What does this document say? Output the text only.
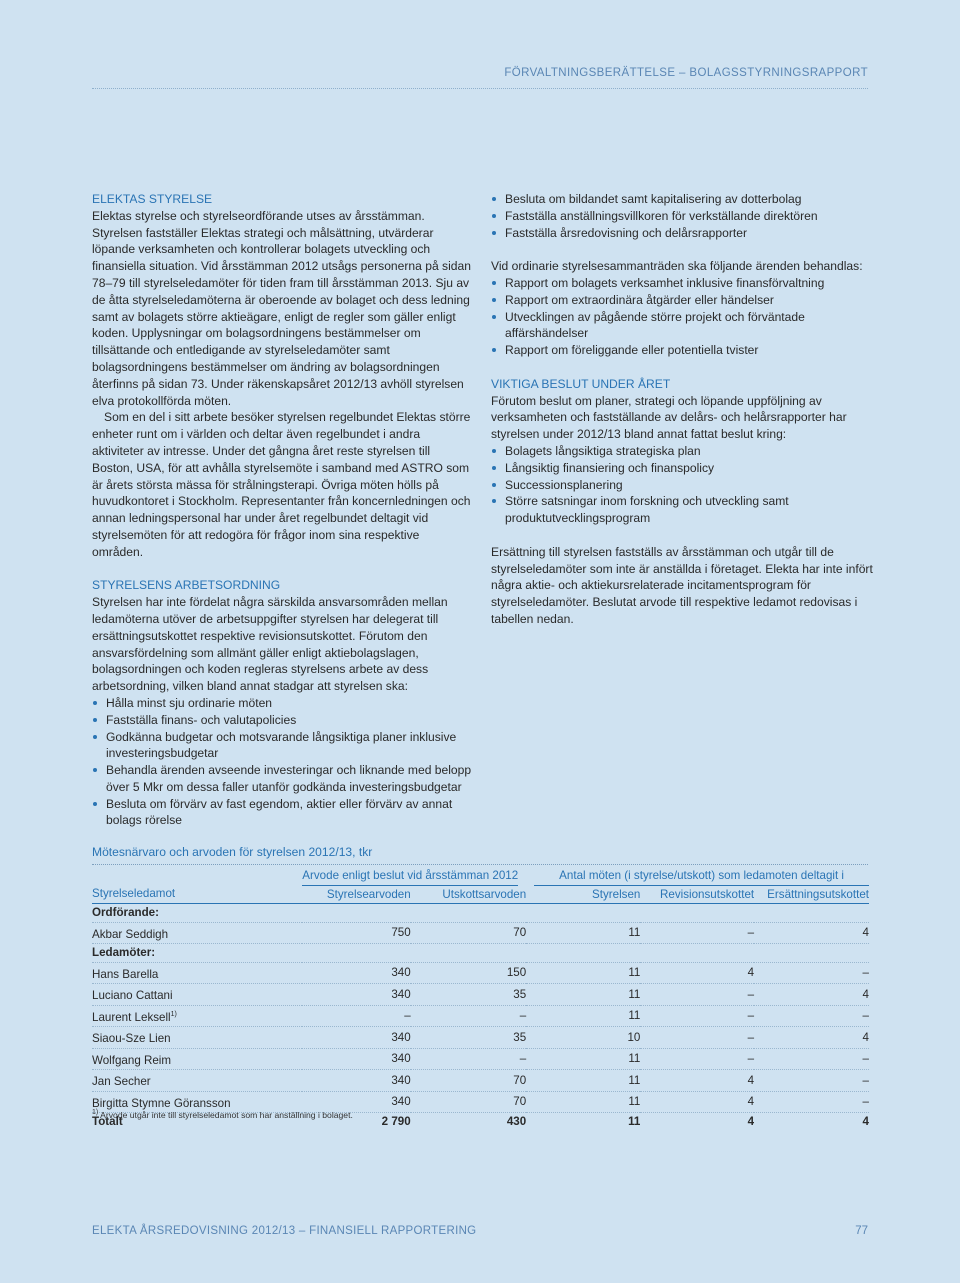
FÖRVALTNINGSBERÄTTELSE – BOLAGSSTYRNINGSRAPPORT
ELEKTAS STYRELSE

Elektas styrelse och styrelseordförande utses av årsstämman. Styrelsen fastställer Elektas strategi och målsättning, utvärderar löpande verksamheten och kontrollerar bolagets utveckling och finansiella situation. Vid årsstämman 2012 utsågs personerna på sidan 78–79 till styrelseledamöter för tiden fram till årsstämman 2013. Sju av de åtta styrelseledamöterna är oberoende av bolaget och dess ledning samt av bolagets större aktieägare, enligt de regler som gäller enligt koden. Upplysningar om bolagsordningens bestämmelser om tillsättande och entledigande av styrelseledamöter samt bolagsordningens bestämmelser om ändring av bolagsordningen återfinns på sidan 73. Under räkenskapsåret 2012/13 avhöll styrelsen elva protokollförda möten.

Som en del i sitt arbete besöker styrelsen regelbundet Elektas större enheter runt om i världen och deltar även regelbundet i andra aktiviteter av intresse. Under det gångna året reste styrelsen till Boston, USA, för att avhålla styrelsemöte i samband med ASTRO som är årets största mässa för strålningsterapi. Övriga möten hölls på huvudkontoret i Stockholm. Representanter från koncernledningen och annan ledningspersonal har under året regelbundet deltagit vid styrelsemöten för att redogöra för frågor inom sina respektive områden.

STYRELSENS ARBETSORDNING

Styrelsen har inte fördelat några särskilda ansvarsområden mellan ledamöterna utöver de arbetsuppgifter styrelsen har delegerat till ersättningsutskottet respektive revisionsutskottet. Förutom den ansvarsfördelning som allmänt gäller enligt aktiebolagslagen, bolagsordningen och koden regleras styrelsens arbete av dess arbetsordning, vilken bland annat stadgar att styrelsen ska:

Hålla minst sju ordinarie möten
Fastställa finans- och valutapolicies
Godkänna budgetar och motsvarande långsiktiga planer inklusive investeringsbudgetar
Behandla ärenden avseende investeringar och liknande med belopp över 5 Mkr om dessa faller utanför godkända investeringsbudgetar
Besluta om förvärv av fast egendom, aktier eller förvärv av annat bolags rörelse
Besluta om bildandet samt kapitalisering av dotterbolag
Fastställa anställningsvillkoren för verkställande direktören
Fastställa årsredovisning och delårsrapporter

Vid ordinarie styrelsesammanträden ska följande ärenden behandlas:

Rapport om bolagets verksamhet inklusive finansförvaltning
Rapport om extraordinära åtgärder eller händelser
Utvecklingen av pågående större projekt och förväntade affärshändelser
Rapport om föreliggande eller potentiella tvister
VIKTIGA BESLUT UNDER ÅRET

Förutom beslut om planer, strategi och löpande uppföljning av verksamheten och fastställande av delårs- och helårsrapporter har styrelsen under 2012/13 bland annat fattat beslut kring:

Bolagets långsiktiga strategiska plan
Långsiktig finansiering och finanspolicy
Successionsplanering
Större satsningar inom forskning och utveckling samt produktutvecklingsprogram

Ersättning till styrelsen fastställs av årsstämman och utgår till de styrelseledamöter som inte är anställda i företaget. Elekta har inte infört några aktie- och aktiekursrelaterade incitamentsprogram för styrelseledamöter. Beslutat arvode till respektive ledamot redovisas i tabellen nedan.

Mötesnärvaro och arvoden för styrelsen 2012/13, tkr
	Arvode enligt beslut vid årsstämman 2012		Antal möten (i styrelse/utskott) som ledamoten deltagit i		
Styrelseledamot	Styrelsearvoden	Utskottsarvoden	Styrelsen	Revisionsutskottet	Ersättningsutskottet
Ordförande:					
Akbar Seddigh	750	70	11	–	4
Ledamöter:					
Hans Barella	340	150	11	4	–
Luciano Cattani	340	35	11	–	4
Laurent Leksell$^{1)}$	–	–	11	–	–
Siaou-Sze Lien	340	35	10	–	4
Wolfgang Reim	340	–	11	–	–
Jan Secher	340	70	11	4	–
Birgitta Stymne Göransson	340	70	11	4	–
Totalt	2 790	430	11	4	4
$^{1)}$ Arvode utgår inte till styrelseledamot som har anställning i bolaget.
ELEKTA ÅRSREDOVISNING 2012/13 – FINANSIELL RAPPORTERING	77
